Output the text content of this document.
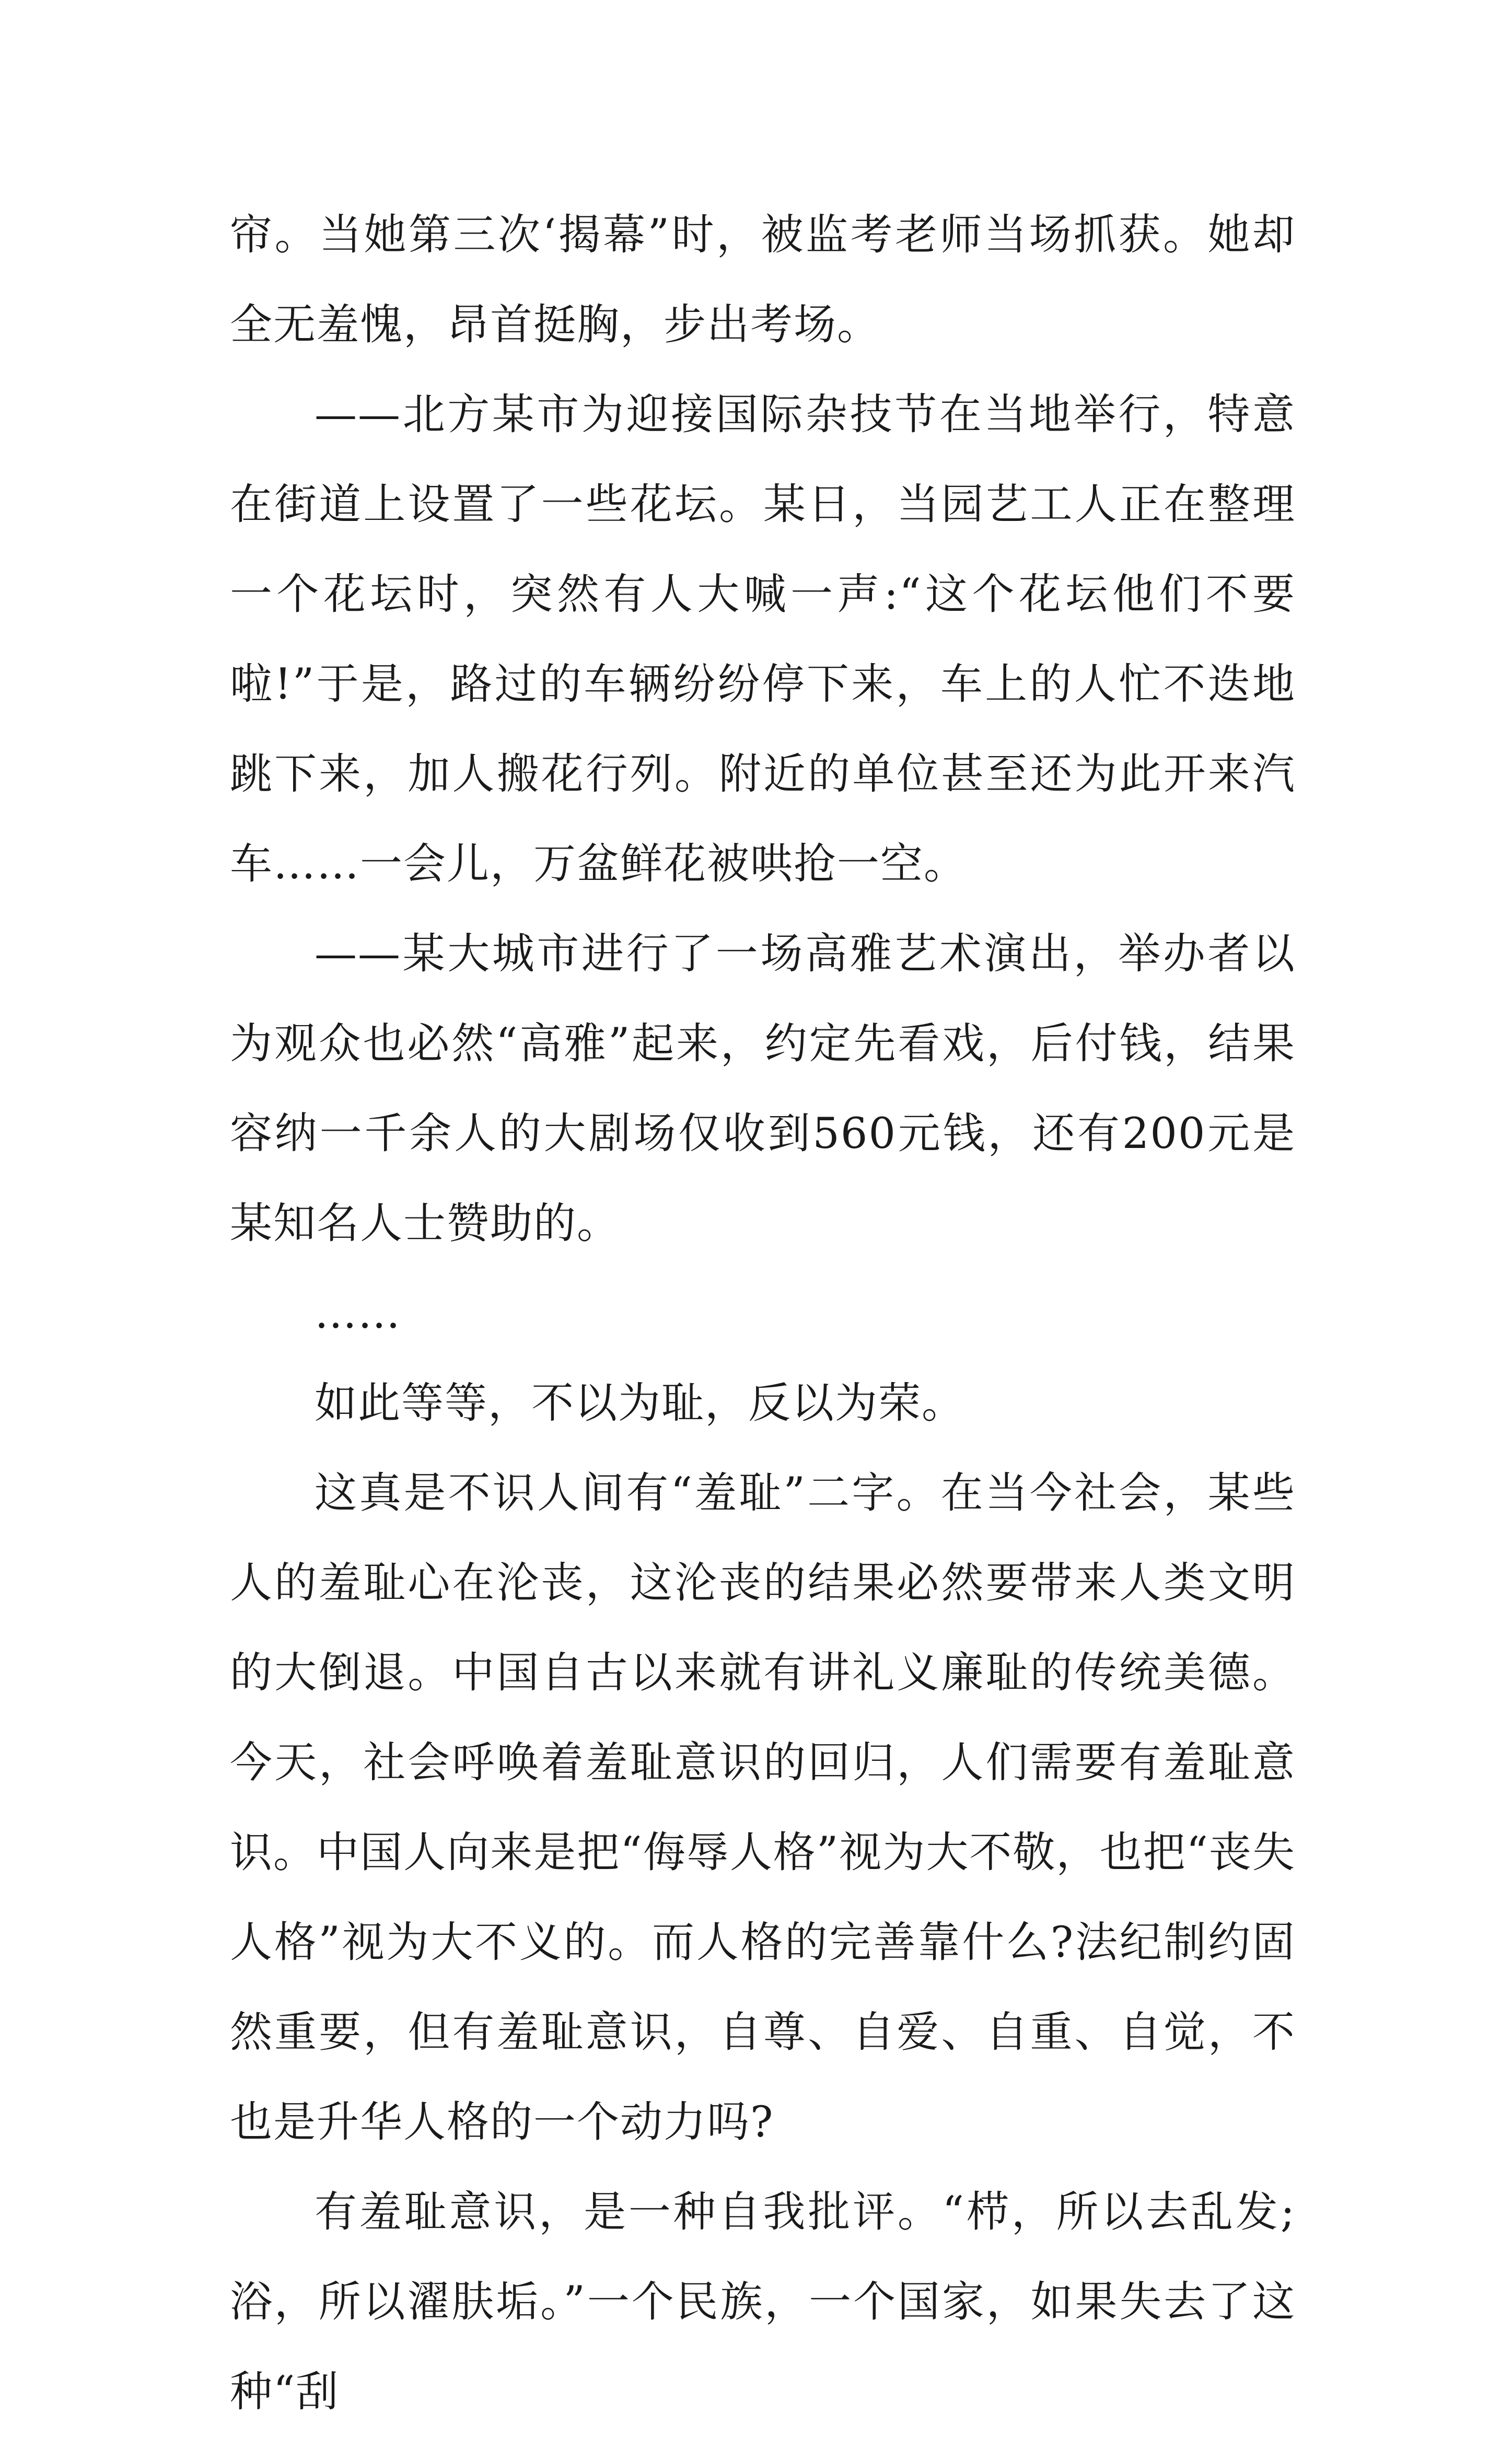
帘。当她第三次‘揭幕”时，被监考老师当场抓获。她却全无羞愧，昂首挺胸，步出考场。

——北方某市为迎接国际杂技节在当地举行，特意在街道上设置了一些花坛。某日，当园艺工人正在整理一个花坛时，突然有人大喊一声:“这个花坛他们不要啦!”于是，路过的车辆纷纷停下来，车上的人忙不迭地跳下来，加人搬花行列。附近的单位甚至还为此开来汽车……一会儿，万盆鲜花被哄抢一空。

——某大城市进行了一场高雅艺术演出，举办者以为观众也必然“高雅”起来，约定先看戏，后付钱，结果容纳一千余人的大剧场仅收到560元钱，还有200元是某知名人士赞助的。

……

如此等等，不以为耻，反以为荣。

这真是不识人间有“羞耻”二字。在当今社会，某些人的羞耻心在沦丧，这沦丧的结果必然要带来人类文明的大倒退。中国自古以来就有讲礼义廉耻的传统美德。今天，社会呼唤着羞耻意识的回归，人们需要有羞耻意识。中国人向来是把“侮辱人格”视为大不敬，也把“丧失人格”视为大不义的。而人格的完善靠什么?法纪制约固然重要，但有羞耻意识，自尊、自爱、自重、自觉，不也是升华人格的一个动力吗?

有羞耻意识，是一种自我批评。“栉，所以去乱发;浴，所以濯肤垢。”一个民族，一个国家，如果失去了这种“刮
